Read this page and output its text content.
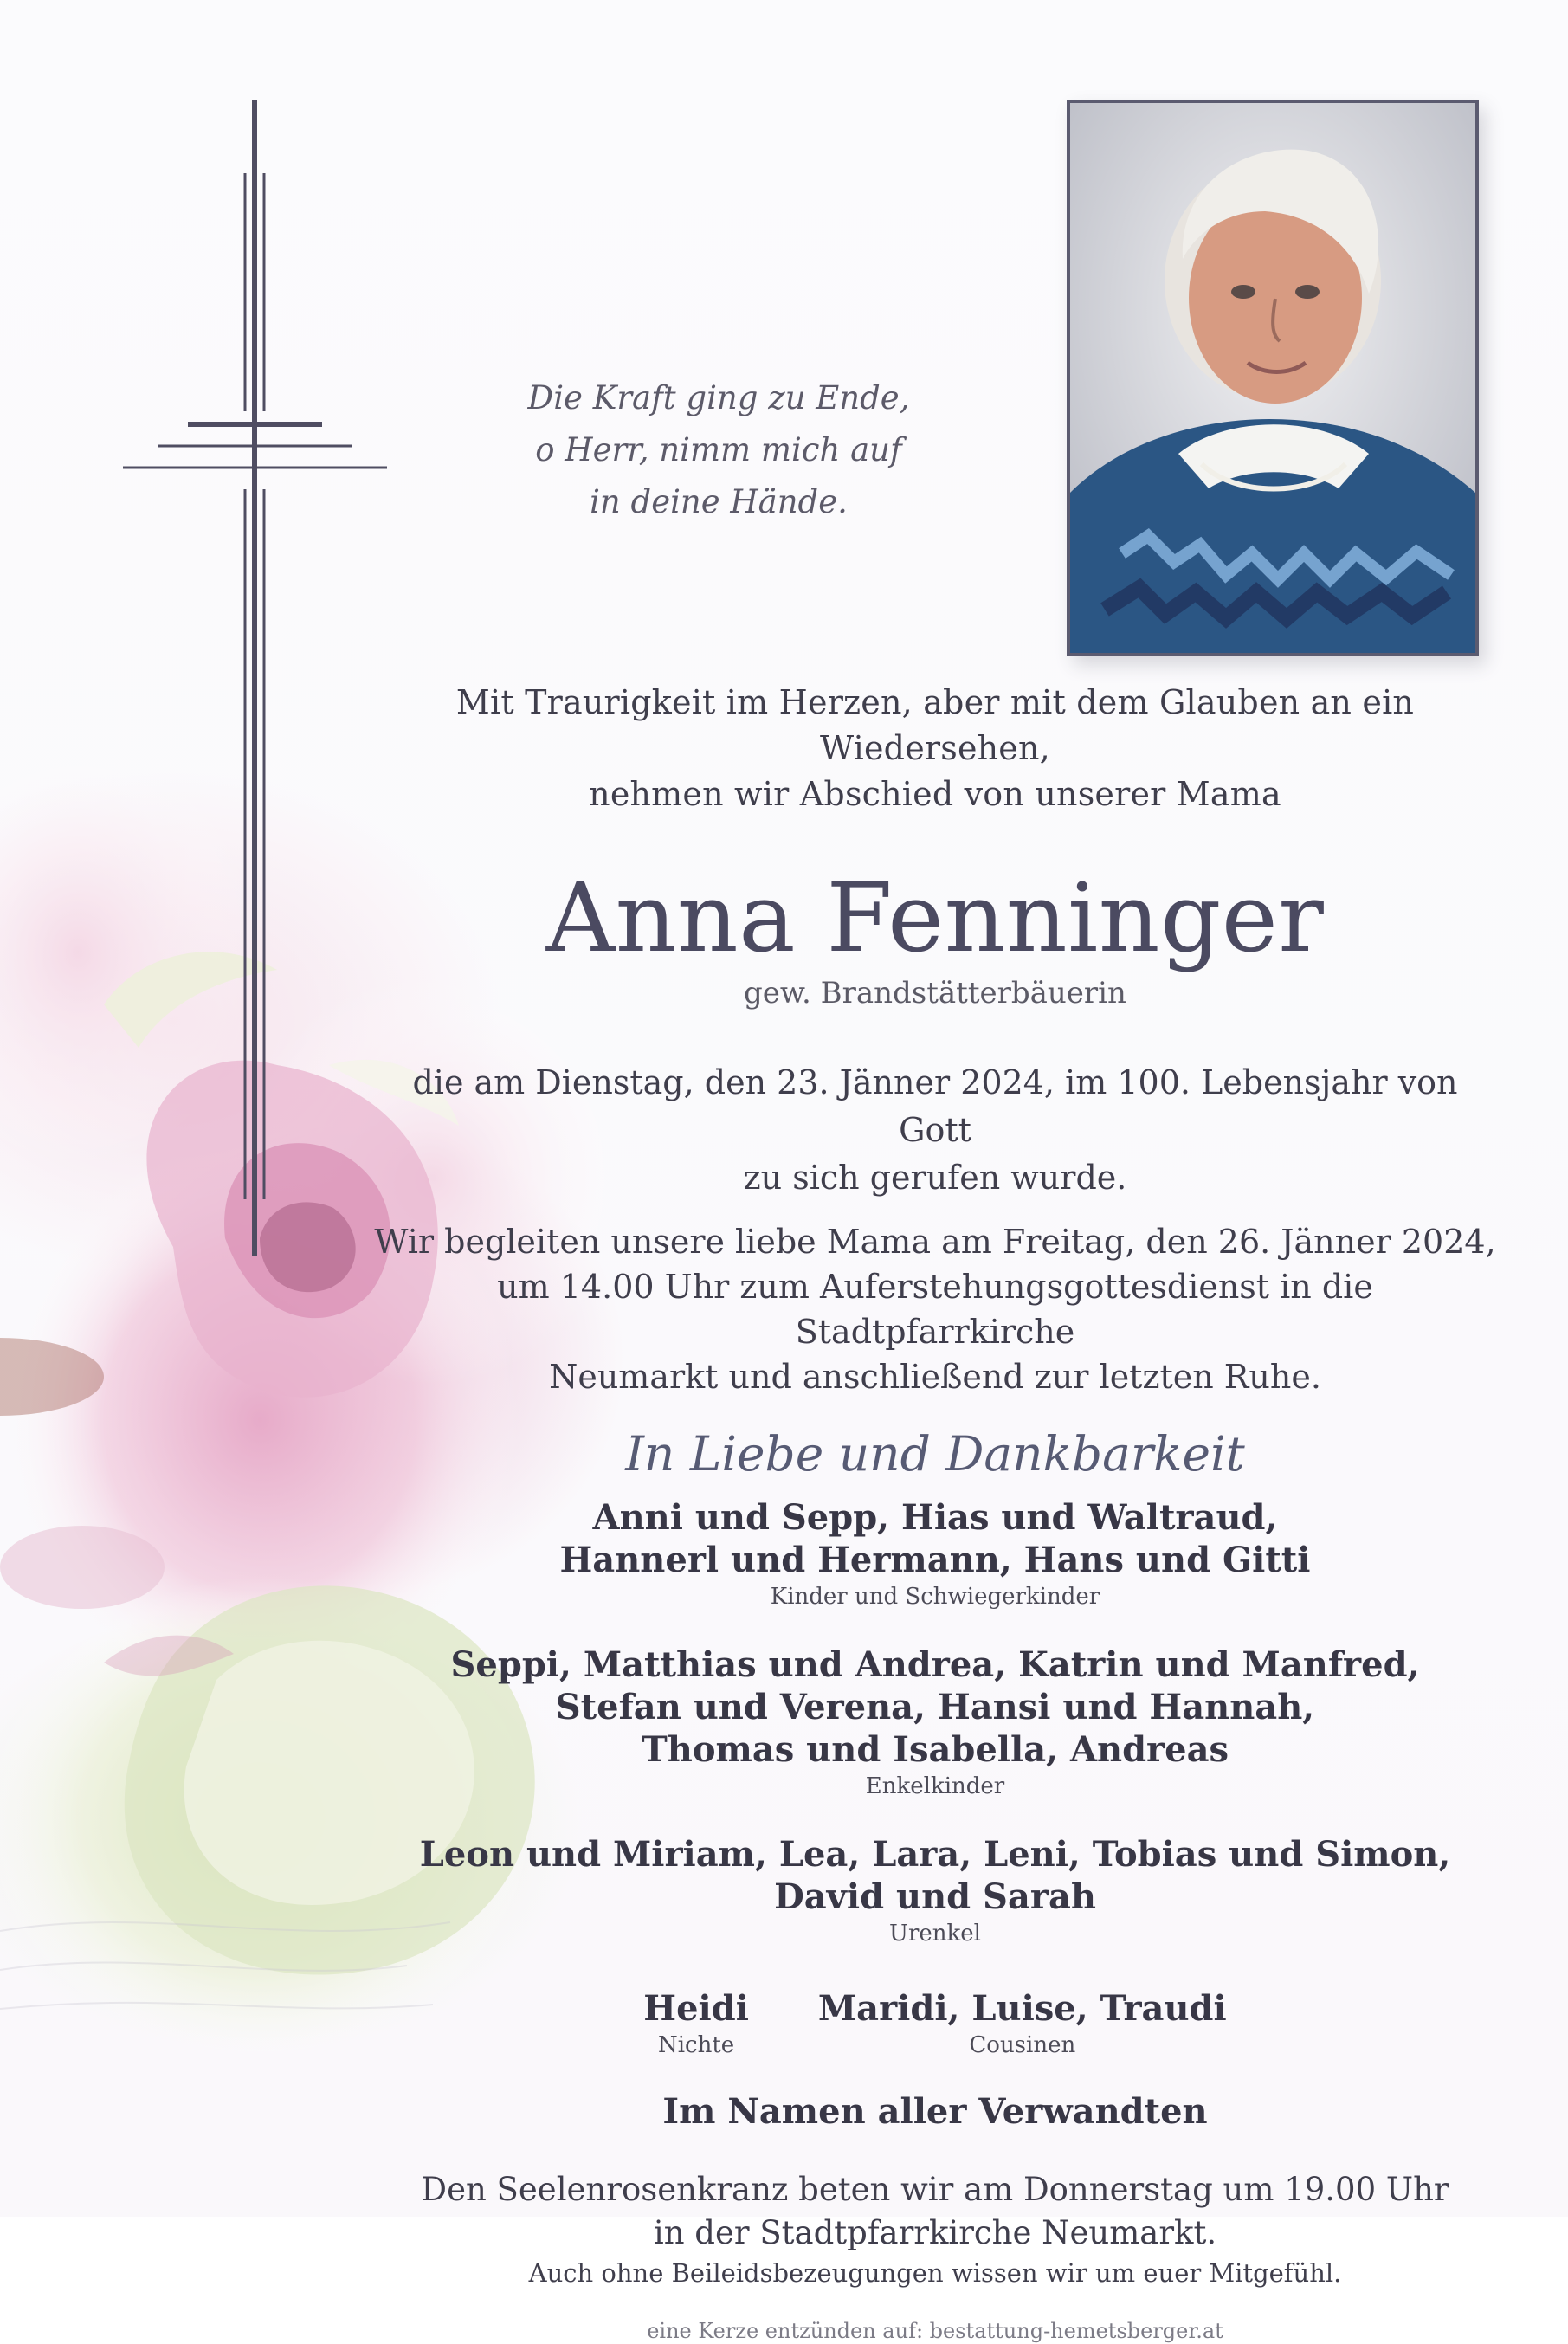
Die Kraft ging zu Ende,
o Herr, nimm mich auf
in deine Hände.
Mit Traurigkeit im Herzen, aber mit dem Glauben an ein Wiedersehen,
nehmen wir Abschied von unserer Mama
Anna Fenninger
gew. Brandstätterbäuerin
die am Dienstag, den 23. Jänner 2024, im 100. Lebensjahr von Gott
zu sich gerufen wurde.
Wir begleiten unsere liebe Mama am Freitag, den 26. Jänner 2024,
um 14.00 Uhr zum Auferstehungsgottesdienst in die Stadtpfarrkirche
Neumarkt und anschließend zur letzten Ruhe.
In Liebe und Dankbarkeit
Anni und Sepp, Hias und Waltraud,
Hannerl und Hermann, Hans und Gitti
Kinder und Schwiegerkinder
Seppi, Matthias und Andrea, Katrin und Manfred,
Stefan und Verena, Hansi und Hannah,
Thomas und Isabella, Andreas
Enkelkinder
Leon und Miriam, Lea, Lara, Leni, Tobias und Simon,
David und Sarah
Urenkel
Heidi
Nichte
Maridi, Luise, Traudi
Cousinen
Im Namen aller Verwandten
Den Seelenrosenkranz beten wir am Donnerstag um 19.00 Uhr
in der Stadtpfarrkirche Neumarkt.
Auch ohne Beileidsbezeugungen wissen wir um euer Mitgefühl.
eine Kerze entzünden auf: bestattung-hemetsberger.at
